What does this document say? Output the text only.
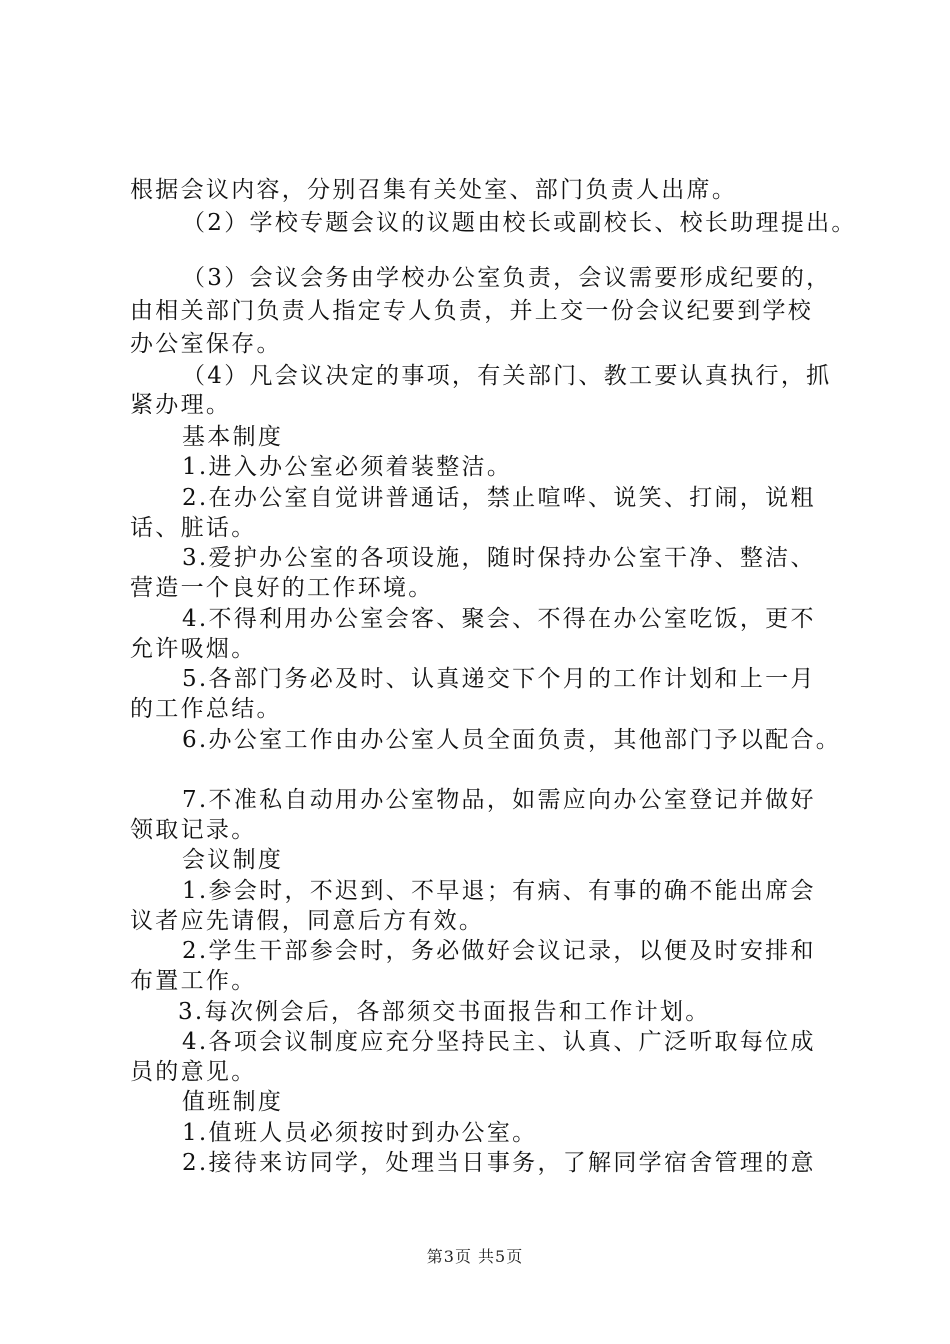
根据会议内容，分别召集有关处室、部门负责人出席。
（2）学校专题会议的议题由校长或副校长、校长助理提出。
（3）会议会务由学校办公室负责，会议需要形成纪要的，
由相关部门负责人指定专人负责，并上交一份会议纪要到学校
办公室保存。
（4）凡会议决定的事项，有关部门、教工要认真执行，抓
紧办理。
基本制度
1.进入办公室必须着装整洁。
2.在办公室自觉讲普通话，禁止喧哗、说笑、打闹，说粗
话、脏话。
3.爱护办公室的各项设施，随时保持办公室干净、整洁、
营造一个良好的工作环境。
4.不得利用办公室会客、聚会、不得在办公室吃饭，更不
允许吸烟。
5.各部门务必及时、认真递交下个月的工作计划和上一月
的工作总结。
6.办公室工作由办公室人员全面负责，其他部门予以配合。
7.不准私自动用办公室物品，如需应向办公室登记并做好
领取记录。
会议制度
1.参会时，不迟到、不早退；有病、有事的确不能出席会
议者应先请假，同意后方有效。
2.学生干部参会时，务必做好会议记录，以便及时安排和
布置工作。
3.每次例会后，各部须交书面报告和工作计划。
4.各项会议制度应充分坚持民主、认真、广泛听取每位成
员的意见。
值班制度
1.值班人员必须按时到办公室。
2.接待来访同学，处理当日事务，了解同学宿舍管理的意
第3页 共5页
